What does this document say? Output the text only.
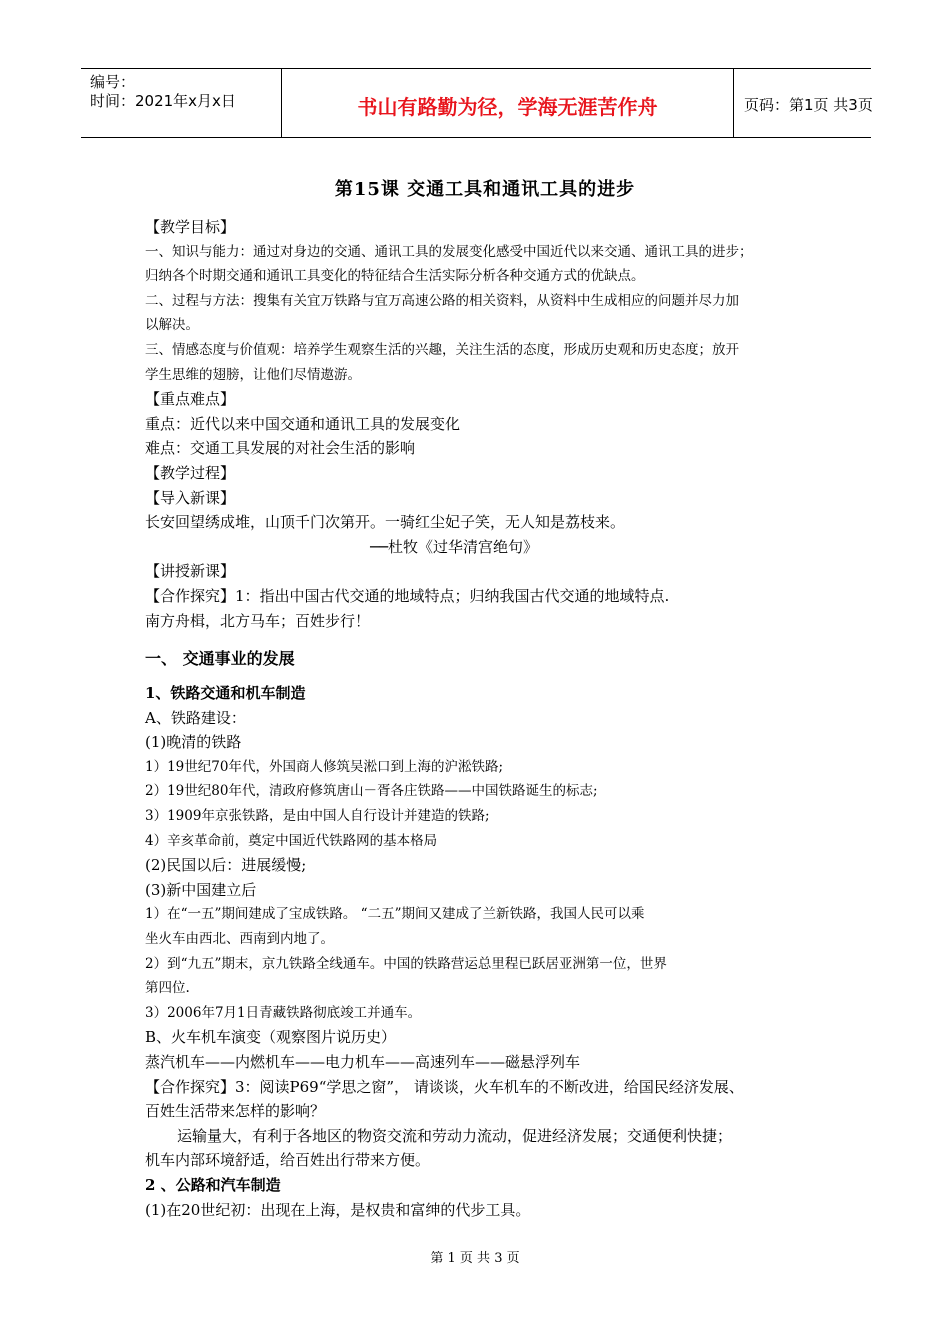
编号：
时间：2021年x月x日	书山有路勤为径，学海无涯苦作舟	页码：第1页 共3页
第15课 交通工具和通讯工具的进步
【教学目标】
一、知识与能力：通过对身边的交通、通讯工具的发展变化感受中国近代以来交通、通讯工具的进步；
归纳各个时期交通和通讯工具变化的特征结合生活实际分析各种交通方式的优缺点。
二、过程与方法：搜集有关宜万铁路与宜万高速公路的相关资料，从资料中生成相应的问题并尽力加
以解决。
三、情感态度与价值观：培养学生观察生活的兴趣，关注生活的态度，形成历史观和历史态度；放开
学生思维的翅膀，让他们尽情遨游。
【重点难点】
重点：近代以来中国交通和通讯工具的发展变化
难点：交通工具发展的对社会生活的影响
【教学过程】
【导入新课】
长安回望绣成堆，山顶千门次第开。一骑红尘妃子笑，无人知是荔枝来。
──杜牧《过华清宫绝句》
【讲授新课】
【合作探究】1：指出中国古代交通的地域特点；归纳我国古代交通的地域特点.
南方舟楫，北方马车；百姓步行！
一、 交通事业的发展
1、铁路交通和机车制造
A、铁路建设：
(1)晚清的铁路
1）19世纪70年代，外国商人修筑吴淞口到上海的沪淞铁路;
2）19世纪80年代，清政府修筑唐山－胥各庄铁路——中国铁路诞生的标志;
3）1909年京张铁路，是由中国人自行设计并建造的铁路;
4）辛亥革命前，奠定中国近代铁路网的基本格局
(2)民国以后：进展缓慢;
(3)新中国建立后
1）在“一五”期间建成了宝成铁路。 “二五”期间又建成了兰新铁路，我国人民可以乘
坐火车由西北、西南到内地了。
2）到“九五”期末，京九铁路全线通车。中国的铁路营运总里程已跃居亚洲第一位，世界
第四位.
3）2006年7月1日青藏铁路彻底竣工并通车。
B、火车机车演变（观察图片说历史）
蒸汽机车——内燃机车——电力机车——高速列车——磁悬浮列车
【合作探究】3：阅读P69“学思之窗”， 请谈谈，火车机车的不断改进，给国民经济发展、
百姓生活带来怎样的影响？
运输量大，有利于各地区的物资交流和劳动力流动，促进经济发展；交通便利快捷；
机车内部环境舒适，给百姓出行带来方便。
2 、公路和汽车制造
(1)在20世纪初：出现在上海，是权贵和富绅的代步工具。
第 1 页 共 3 页
